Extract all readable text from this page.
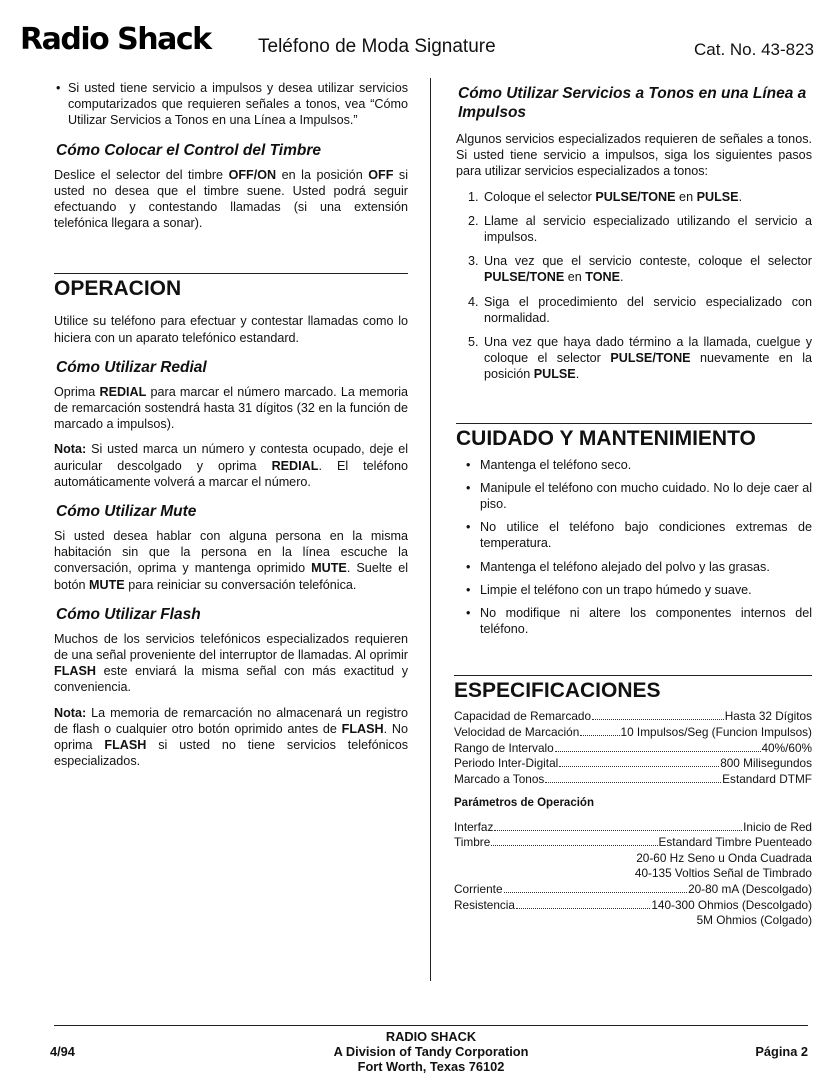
Radio Shack Teléfono de Moda Signature	Cat. No. 43-823
• Si usted tiene servicio a impulsos y desea utilizar servicios computarizados que requieren señales a tonos, vea “Cómo Utilizar Servicios a Tonos en una Línea a Impulsos.”
Cómo Colocar el Control del Timbre

Deslice el selector del timbre OFF/ON en la posición OFF si usted no desea que el timbre suene. Usted podrá seguir efectuando y contestando llamadas (si una extensión telefónica llegara a sonar).

OPERACION

Utilice su teléfono para efectuar y contestar llamadas como lo hiciera con un aparato telefónico estandard.

Cómo Utilizar Redial

Oprima REDIAL para marcar el número marcado. La memoria de remarcación sostendrá hasta 31 dígitos (32 en la función de marcado a impulsos).

Nota: Si usted marca un número y contesta ocupado, deje el auricular descolgado y oprima REDIAL. El teléfono automáticamente volverá a marcar el número.

Cómo Utilizar Mute

Si usted desea hablar con alguna persona en la misma habitación sin que la persona en la línea escuche la conversación, oprima y mantenga oprimido MUTE. Suelte el botón MUTE para reiniciar su conversación telefónica.

Cómo Utilizar Flash

Muchos de los servicios telefónicos especializados requieren de una señal proveniente del interruptor de llamadas. Al oprimir FLASH este enviará la misma señal con más exactitud y conveniencia.

Nota: La memoria de remarcación no almacenará un registro de flash o cualquier otro botón oprimido antes de FLASH. No oprima FLASH si usted no tiene servicios telefónicos especializados.

Cómo Utilizar Servicios a Tonos en una Línea a Impulsos

Algunos servicios especializados requieren de señales a tonos. Si usted tiene servicio a impulsos, siga los siguientes pasos para utilizar servicios especializados a tonos:

1. Coloque el selector PULSE/TONE en PULSE.
2. Llame al servicio especializado utilizando el servicio a impulsos.
3. Una vez que el servicio conteste, coloque el selector PULSE/TONE en TONE.
4. Siga el procedimiento del servicio especializado con normalidad.
5. Una vez que haya dado término a la llamada, cuelgue y coloque el selector PULSE/TONE nuevamente en la posición PULSE.
CUIDADO Y MANTENIMIENTO
• Mantenga el teléfono seco.
• Manipule el teléfono con mucho cuidado. No lo deje caer al piso.
• No utilice el teléfono bajo condiciones extremas de temperatura.
• Mantenga el teléfono alejado del polvo y las grasas.
• Limpie el teléfono con un trapo húmedo y suave.
• No modifique ni altere los componentes internos del teléfono.
ESPECIFICACIONES
Capacidad de Remarcado	Hasta 32 Dígitos
Velocidad de Marcación	10 Impulsos/Seg (Funcion Impulsos)
Rango de Intervalo	40%/60%
Periodo Inter-Digital	800 Milisegundos
Marcado a Tonos	Estandard DTMF
Parámetros de Operación
Interfaz	Inicio de Red
Timbre	Estandard Timbre Puenteado
20-60 Hz Seno u Onda Cuadrada
40-135 Voltios Señal de Timbrado
Corriente	20-80 mA (Descolgado)
Resistencia	140-300 Ohmios (Descolgado)
5M Ohmios (Colgado)
4/94
RADIO SHACK
A Division of Tandy Corporation
Fort Worth, Texas 76102
Página 2
